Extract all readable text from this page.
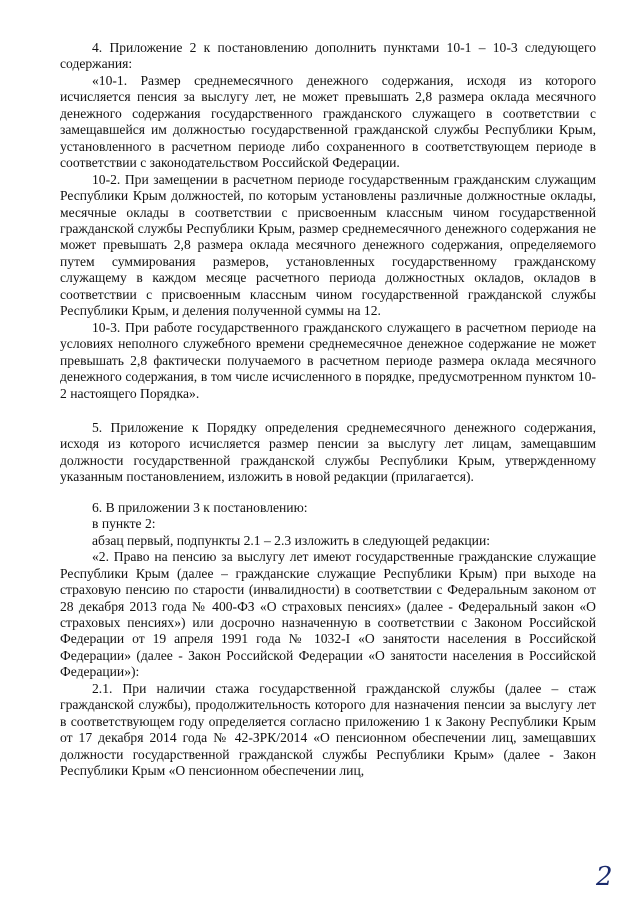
4. Приложение 2 к постановлению дополнить пунктами 10-1 – 10-3 следующего содержания:

«10-1. Размер среднемесячного денежного содержания, исходя из которого исчисляется пенсия за выслугу лет, не может превышать 2,8 размера оклада месячного денежного содержания государственного гражданского служащего в соответствии с замещавшейся им должностью государственной гражданской службы Республики Крым, установленного в расчетном периоде либо сохраненного в соответствующем периоде в соответствии с законодательством Российской Федерации.

10-2. При замещении в расчетном периоде государственным гражданским служащим Республики Крым должностей, по которым установлены различные должностные оклады, месячные оклады в соответствии с присвоенным классным чином государственной гражданской службы Республики Крым, размер среднемесячного денежного содержания не может превышать 2,8 размера оклада месячного денежного содержания, определяемого путем суммирования размеров, установленных государственному гражданскому служащему в каждом месяце расчетного периода должностных окладов, окладов в соответствии с присвоенным классным чином государственной гражданской службы Республики Крым, и деления полученной суммы на 12.

10-3. При работе государственного гражданского служащего в расчетном периоде на условиях неполного служебного времени среднемесячное денежное содержание не может превышать 2,8 фактически получаемого в расчетном периоде размера оклада месячного денежного содержания, в том числе исчисленного в порядке, предусмотренном пунктом 10-2 настоящего Порядка».

5. Приложение к Порядку определения среднемесячного денежного содержания, исходя из которого исчисляется размер пенсии за выслугу лет лицам, замещавшим должности государственной гражданской службы Республики Крым, утвержденному указанным постановлением, изложить в новой редакции (прилагается).

6. В приложении 3 к постановлению:

в пункте 2:

абзац первый, подпункты 2.1 – 2.3 изложить в следующей редакции:

«2. Право на пенсию за выслугу лет имеют государственные гражданские служащие Республики Крым (далее – гражданские служащие Республики Крым) при выходе на страховую пенсию по старости (инвалидности) в соответствии с Федеральным законом от 28 декабря 2013 года № 400-ФЗ «О страховых пенсиях» (далее - Федеральный закон «О страховых пенсиях») или досрочно назначенную в соответствии с Законом Российской Федерации от 19 апреля 1991 года № 1032-I «О занятости населения в Российской Федерации» (далее - Закон Российской Федерации «О занятости населения в Российской Федерации»):

2.1. При наличии стажа государственной гражданской службы (далее – стаж гражданской службы), продолжительность которого для назначения пенсии за выслугу лет в соответствующем году определяется согласно приложению 1 к Закону Республики Крым от 17 декабря 2014 года № 42-ЗРК/2014 «О пенсионном обеспечении лиц, замещавших должности государственной гражданской службы Республики Крым» (далее - Закон Республики Крым «О пенсионном обеспечении лиц,

2
